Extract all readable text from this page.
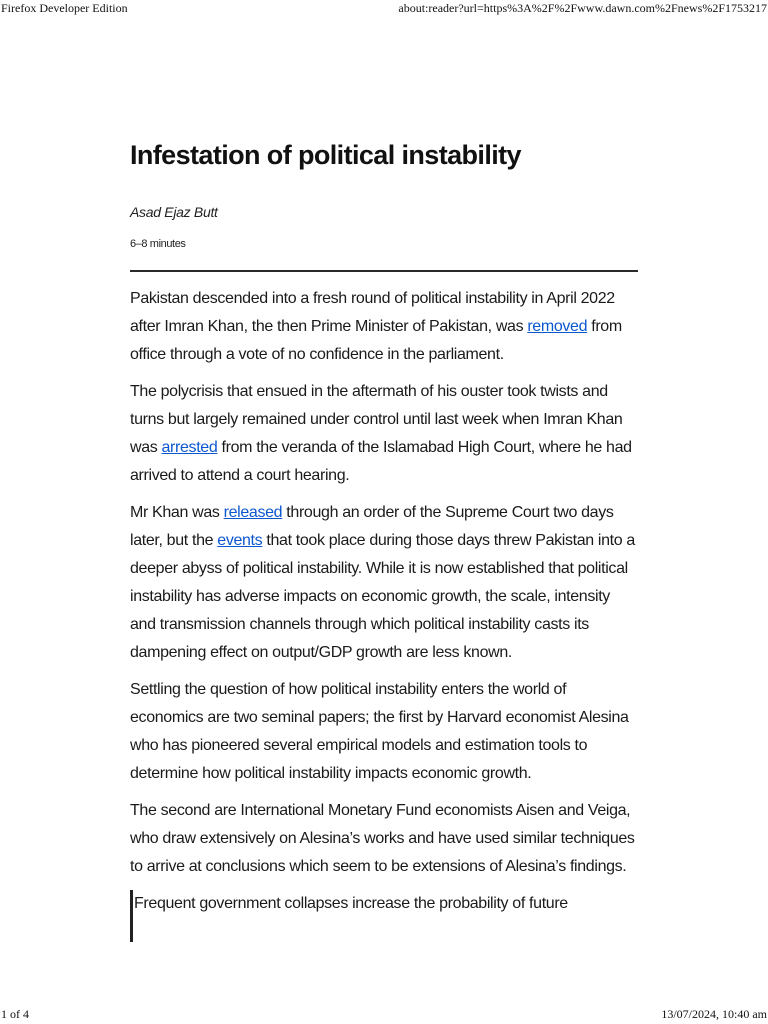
Firefox Developer Edition	about:reader?url=https%3A%2F%2Fwww.dawn.com%2Fnews%2F1753217
Infestation of political instability
Asad Ejaz Butt
6–8 minutes

Pakistan descended into a fresh round of political instability in April 2022 after Imran Khan, the then Prime Minister of Pakistan, was removed from office through a vote of no confidence in the parliament.

The polycrisis that ensued in the aftermath of his ouster took twists and turns but largely remained under control until last week when Imran Khan was arrested from the veranda of the Islamabad High Court, where he had arrived to attend a court hearing.

Mr Khan was released through an order of the Supreme Court two days later, but the events that took place during those days threw Pakistan into a deeper abyss of political instability. While it is now established that political instability has adverse impacts on economic growth, the scale, intensity and transmission channels through which political instability casts its dampening effect on output/GDP growth are less known.

Settling the question of how political instability enters the world of economics are two seminal papers; the first by Harvard economist Alesina who has pioneered several empirical models and estimation tools to determine how political instability impacts economic growth.

The second are International Monetary Fund economists Aisen and Veiga, who draw extensively on Alesina’s works and have used similar techniques to arrive at conclusions which seem to be extensions of Alesina’s findings.

Frequent government collapses increase the probability of future
1 of 4	13/07/2024, 10:40 am
